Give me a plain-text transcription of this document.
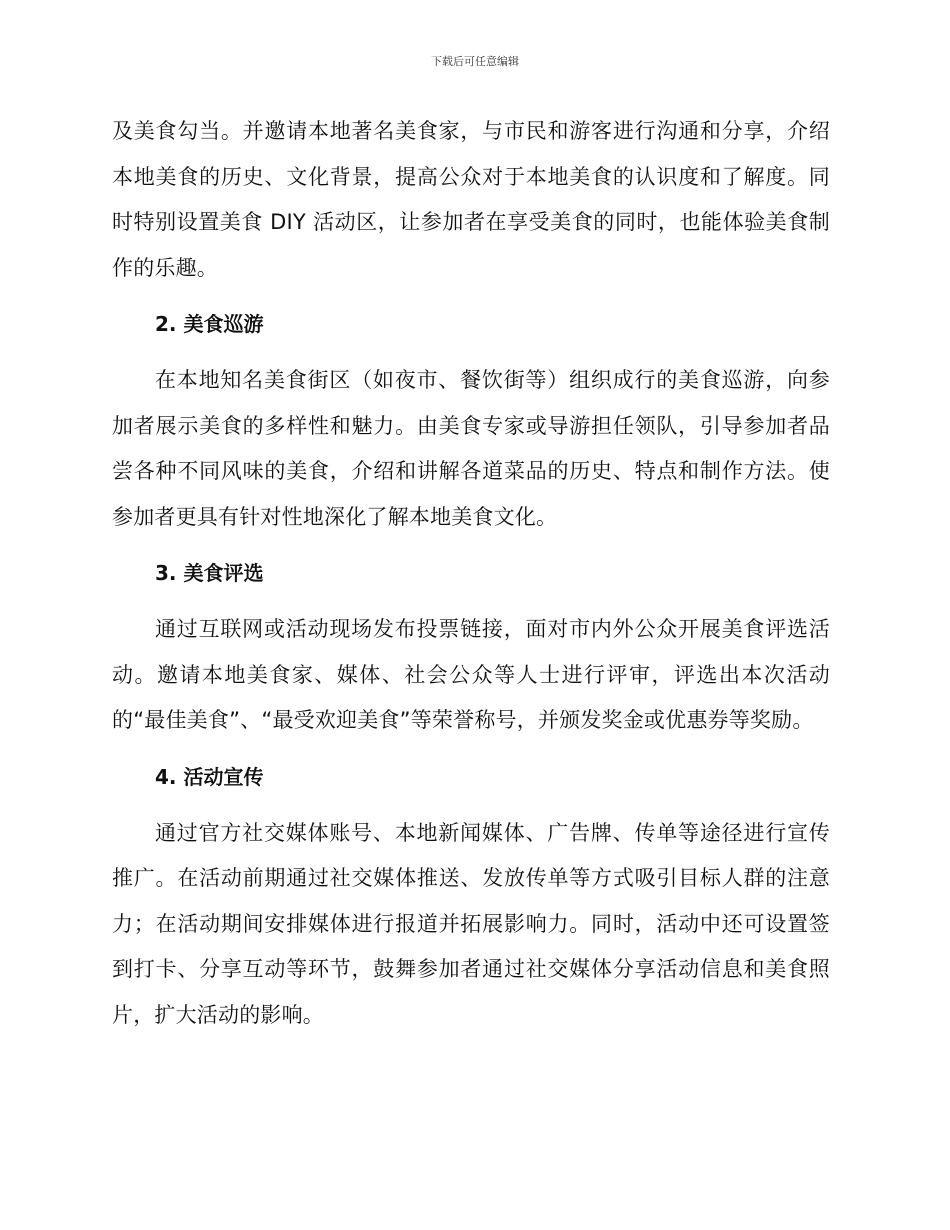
下载后可任意编辑

及美食勾当。并邀请本地著名美食家，与市民和游客进行沟通和分享，介绍本地美食的历史、文化背景，提高公众对于本地美食的认识度和了解度。同时特别设置美食 DIY 活动区，让参加者在享受美食的同时，也能体验美食制作的乐趣。

2. 美食巡游

在本地知名美食街区（如夜市、餐饮街等）组织成行的美食巡游，向参加者展示美食的多样性和魅力。由美食专家或导游担任领队，引导参加者品尝各种不同风味的美食，介绍和讲解各道菜品的历史、特点和制作方法。使参加者更具有针对性地深化了解本地美食文化。

3. 美食评选

通过互联网或活动现场发布投票链接，面对市内外公众开展美食评选活动。邀请本地美食家、媒体、社会公众等人士进行评审，评选出本次活动的“最佳美食”、“最受欢迎美食”等荣誉称号，并颁发奖金或优惠券等奖励。

4. 活动宣传

通过官方社交媒体账号、本地新闻媒体、广告牌、传单等途径进行宣传推广。在活动前期通过社交媒体推送、发放传单等方式吸引目标人群的注意力；在活动期间安排媒体进行报道并拓展影响力。同时，活动中还可设置签到打卡、分享互动等环节，鼓舞参加者通过社交媒体分享活动信息和美食照片，扩大活动的影响。
